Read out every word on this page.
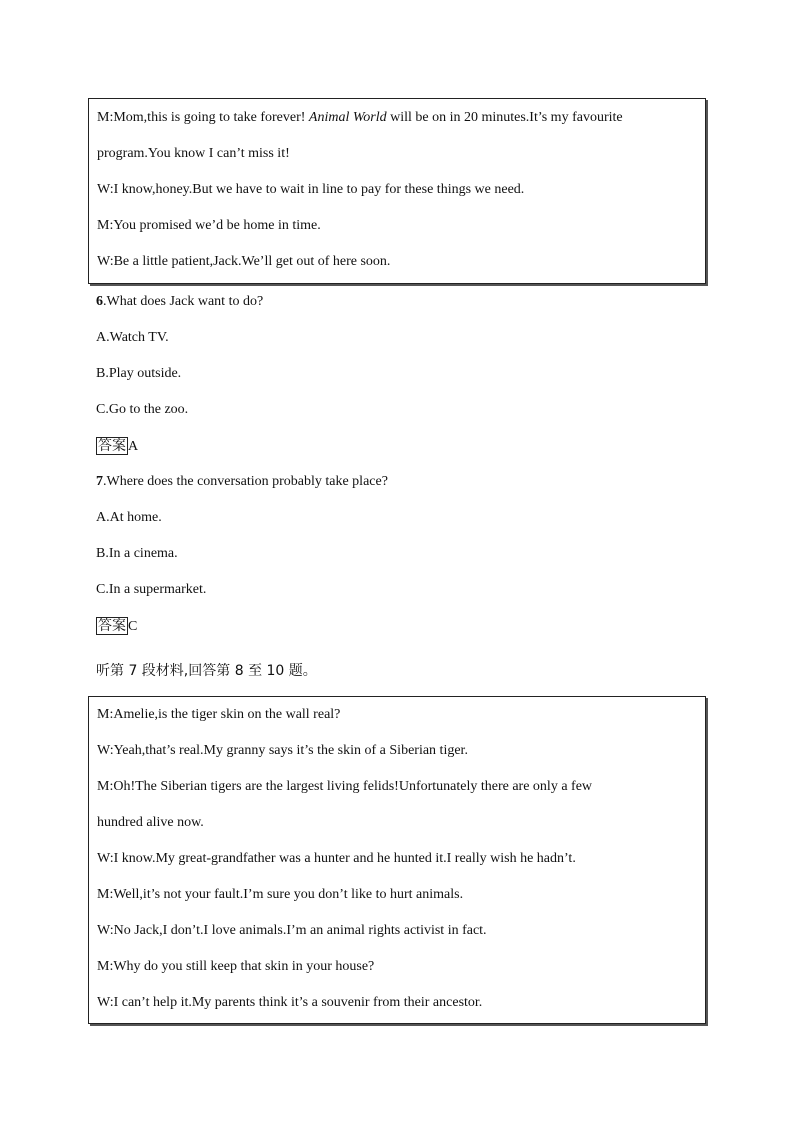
M:Mom,this is going to take forever! Animal World will be on in 20 minutes.It’s my favourite
program.You know I can’t miss it!
W:I know,honey.But we have to wait in line to pay for these things we need.
M:You promised we’d be home in time.
W:Be a little patient,Jack.We’ll get out of here soon.
6.What does Jack want to do?
A.Watch TV.
B.Play outside.
C.Go to the zoo.
答案 A
7.Where does the conversation probably take place?
A.At home.
B.In a cinema.
C.In a supermarket.
答案 C
听第 7 段材料,回答第 8 至 10 题。
M:Amelie,is the tiger skin on the wall real?
W:Yeah,that’s real.My granny says it’s the skin of a Siberian tiger.
M:Oh!The Siberian tigers are the largest living felids!Unfortunately there are only a few
hundred alive now.
W:I know.My great-grandfather was a hunter and he hunted it.I really wish he hadn’t.
M:Well,it’s not your fault.I’m sure you don’t like to hurt animals.
W:No Jack,I don’t.I love animals.I’m an animal rights activist in fact.
M:Why do you still keep that skin in your house?
W:I can’t help it.My parents think it’s a souvenir from their ancestor.
